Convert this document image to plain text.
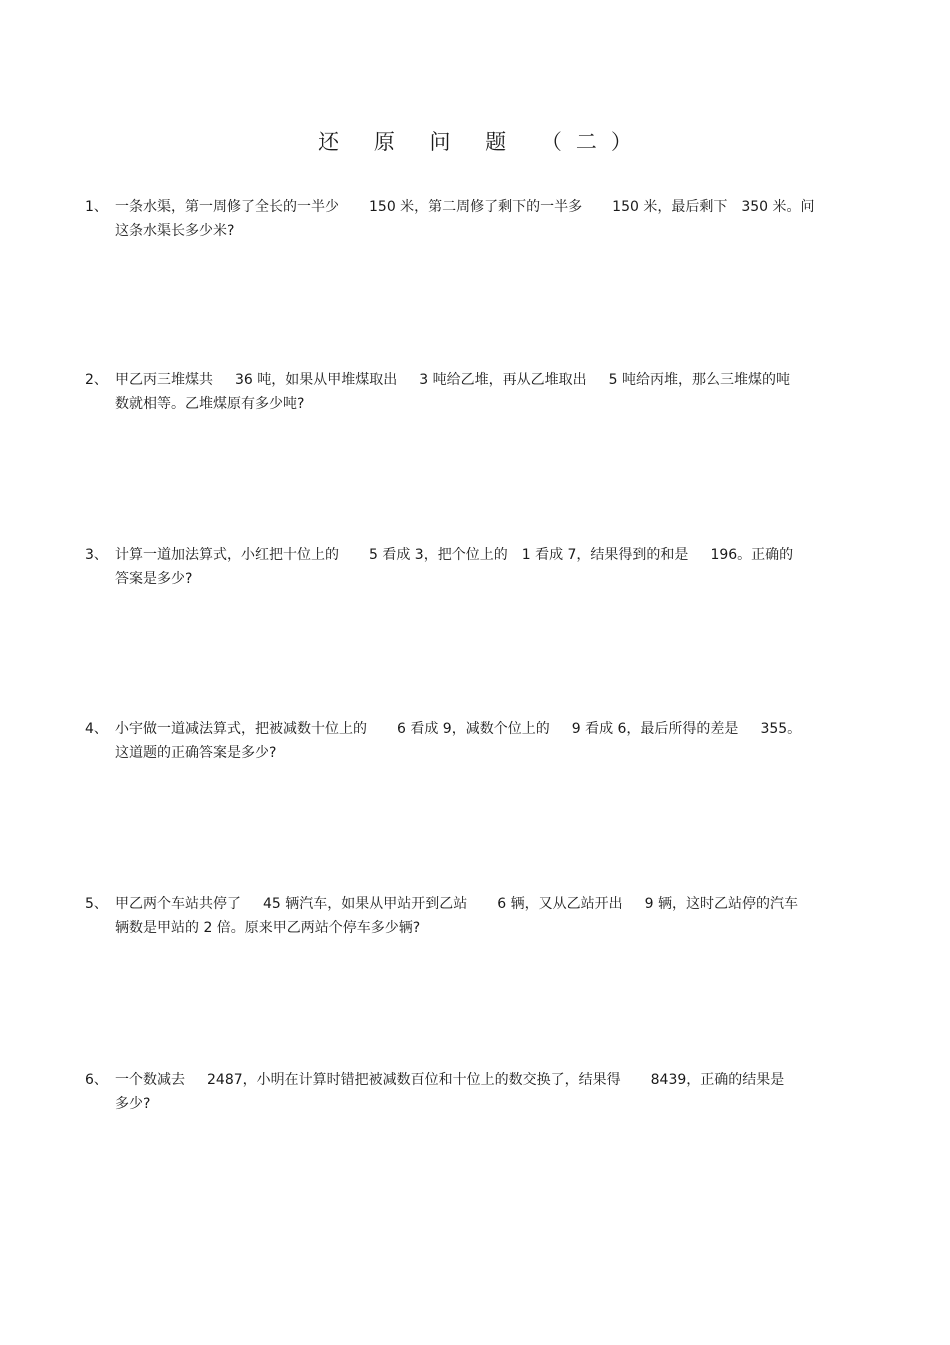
还 原 问 题 （二）
1、 一条水渠，第一周修了全长的一半少 150 米，第二周修了剩下的一半多 150 米，最后剩下 350 米。问
这条水渠长多少米?
2、 甲乙丙三堆煤共 36 吨，如果从甲堆煤取出 3 吨给乙堆，再从乙堆取出 5 吨给丙堆，那么三堆煤的吨
数就相等。乙堆煤原有多少吨?
3、 计算一道加法算式，小红把十位上的 5 看成 3，把个位上的 1 看成 7，结果得到的和是 196。正确的
答案是多少?
4、 小宇做一道减法算式，把被减数十位上的 6 看成 9，减数个位上的 9 看成 6，最后所得的差是 355。
这道题的正确答案是多少?
5、 甲乙两个车站共停了 45 辆汽车，如果从甲站开到乙站 6 辆，又从乙站开出 9 辆，这时乙站停的汽车
辆数是甲站的 2 倍。原来甲乙两站个停车多少辆?
6、 一个数减去 2487，小明在计算时错把被减数百位和十位上的数交换了，结果得 8439，正确的结果是
多少?
